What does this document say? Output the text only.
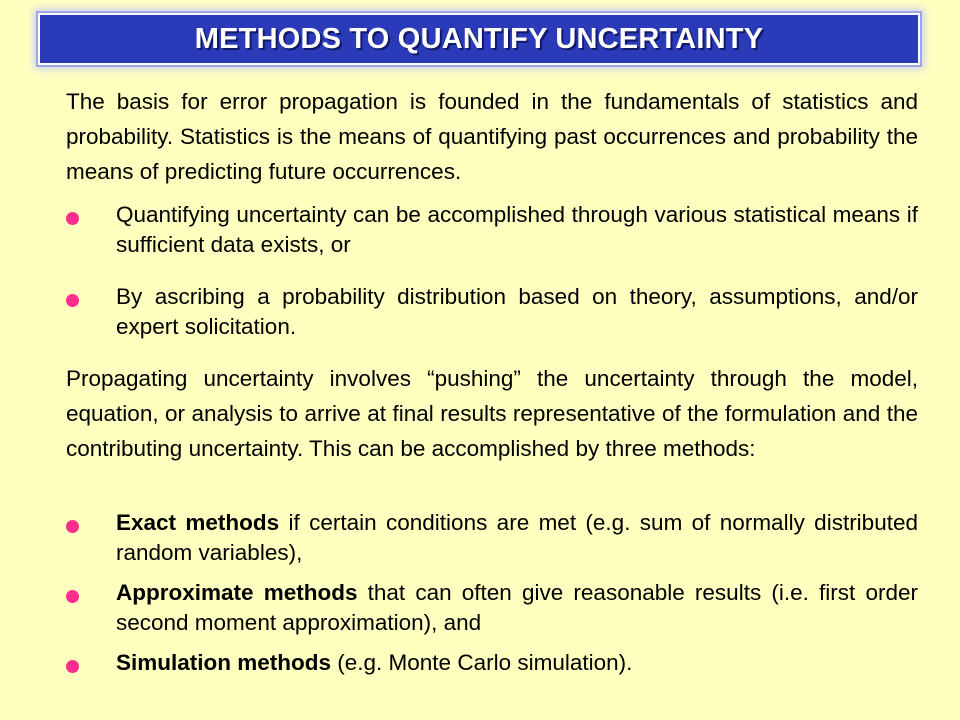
METHODS TO QUANTIFY UNCERTAINTY

The basis for error propagation is founded in the fundamentals of statistics and probability. Statistics is the means of quantifying past occurrences and probability the means of predicting future occurrences.

Quantifying uncertainty can be accomplished through various statistical means if sufficient data exists, or

By ascribing a probability distribution based on theory, assumptions, and/or expert solicitation.

Propagating uncertainty involves “pushing” the uncertainty through the model, equation, or analysis to arrive at final results representative of the formulation and the contributing uncertainty. This can be accomplished by three methods:

Exact methods if certain conditions are met (e.g. sum of normally distributed random variables),

Approximate methods that can often give reasonable results (i.e. first order second moment approximation), and

Simulation methods (e.g. Monte Carlo simulation).
